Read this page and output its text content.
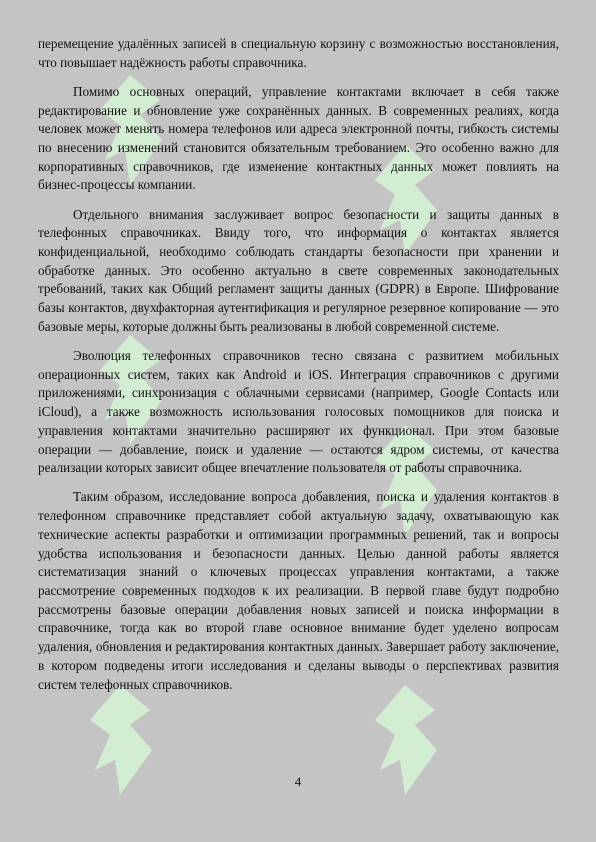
перемещение удалённых записей в специальную корзину с возможностью восстановления, что повышает надёжность работы справочника.

Помимо основных операций, управление контактами включает в себя также редактирование и обновление уже сохранённых данных. В современных реалиях, когда человек может менять номера телефонов или адреса электронной почты, гибкость системы по внесению изменений становится обязательным требованием. Это особенно важно для корпоративных справочников, где изменение контактных данных может повлиять на бизнес-процессы компании.

Отдельного внимания заслуживает вопрос безопасности и защиты данных в телефонных справочниках. Ввиду того, что информация о контактах является конфиденциальной, необходимо соблюдать стандарты безопасности при хранении и обработке данных. Это особенно актуально в свете современных законодательных требований, таких как Общий регламент защиты данных (GDPR) в Европе. Шифрование базы контактов, двухфакторная аутентификация и регулярное резервное копирование — это базовые меры, которые должны быть реализованы в любой современной системе.

Эволюция телефонных справочников тесно связана с развитием мобильных операционных систем, таких как Android и iOS. Интеграция справочников с другими приложениями, синхронизация с облачными сервисами (например, Google Contacts или iCloud), а также возможность использования голосовых помощников для поиска и управления контактами значительно расширяют их функционал. При этом базовые операции — добавление, поиск и удаление — остаются ядром системы, от качества реализации которых зависит общее впечатление пользователя от работы справочника.

Таким образом, исследование вопроса добавления, поиска и удаления контактов в телефонном справочнике представляет собой актуальную задачу, охватывающую как технические аспекты разработки и оптимизации программных решений, так и вопросы удобства использования и безопасности данных. Целью данной работы является систематизация знаний о ключевых процессах управления контактами, а также рассмотрение современных подходов к их реализации. В первой главе будут подробно рассмотрены базовые операции добавления новых записей и поиска информации в справочнике, тогда как во второй главе основное внимание будет уделено вопросам удаления, обновления и редактирования контактных данных. Завершает работу заключение, в котором подведены итоги исследования и сделаны выводы о перспективах развития систем телефонных справочников.

4
